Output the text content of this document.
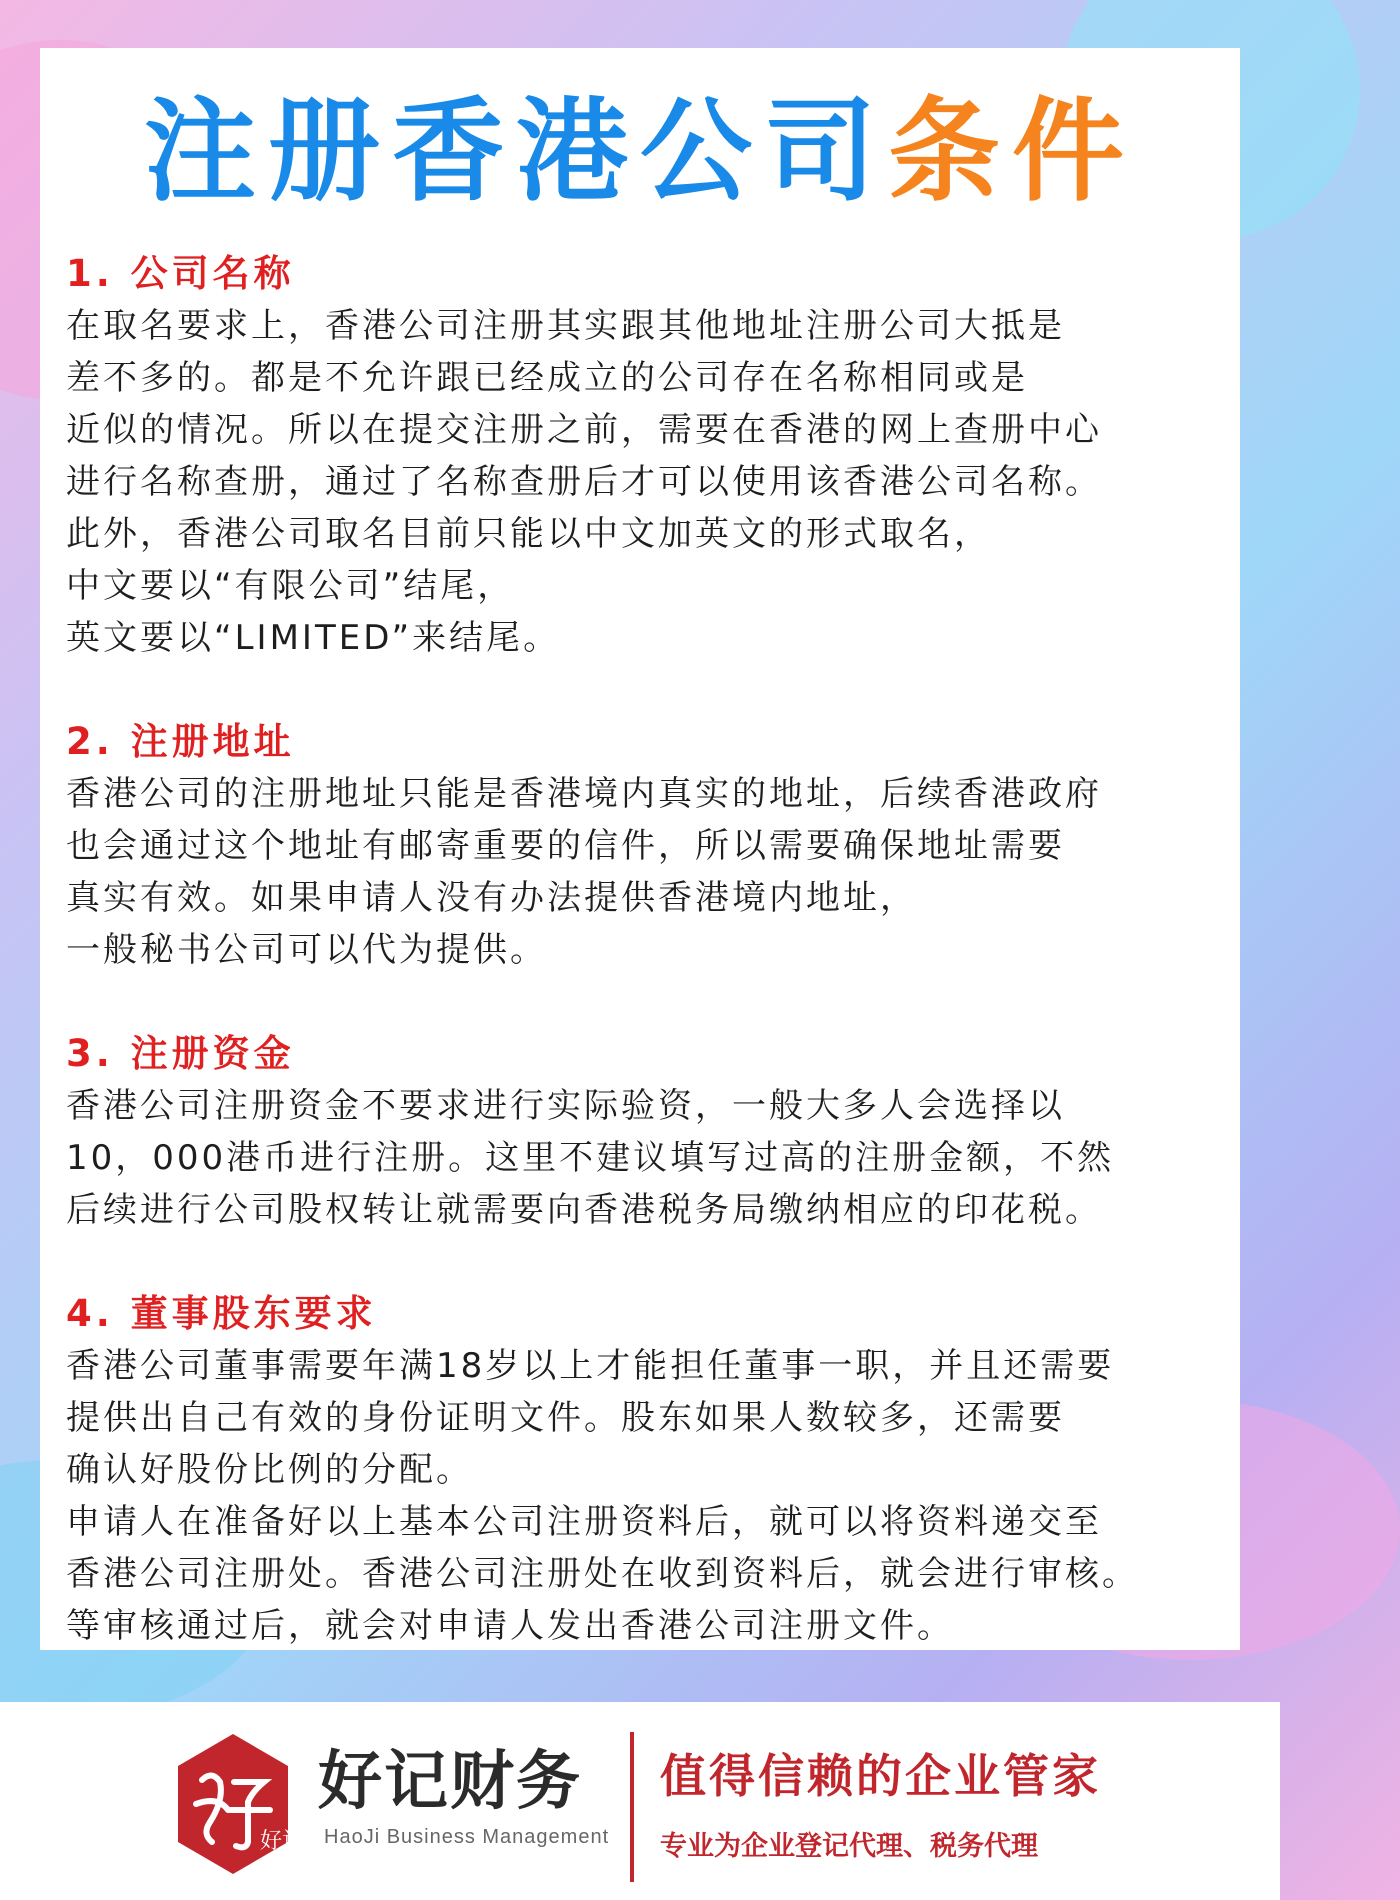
注册香港公司条件

1. 公司名称

在取名要求上，香港公司注册其实跟其他地址注册公司大抵是

差不多的。都是不允许跟已经成立的公司存在名称相同或是

近似的情况。所以在提交注册之前，需要在香港的网上查册中心

进行名称查册，通过了名称查册后才可以使用该香港公司名称。

此外，香港公司取名目前只能以中文加英文的形式取名，

中文要以“有限公司”结尾，

英文要以“LIMITED”来结尾。

2. 注册地址

香港公司的注册地址只能是香港境内真实的地址，后续香港政府

也会通过这个地址有邮寄重要的信件，所以需要确保地址需要

真实有效。如果申请人没有办法提供香港境内地址，

一般秘书公司可以代为提供。

3. 注册资金

香港公司注册资金不要求进行实际验资，一般大多人会选择以

10，000港币进行注册。这里不建议填写过高的注册金额，不然

后续进行公司股权转让就需要向香港税务局缴纳相应的印花税。

4. 董事股东要求

香港公司董事需要年满18岁以上才能担任董事一职，并且还需要

提供出自己有效的身份证明文件。股东如果人数较多，还需要

确认好股份比例的分配。

申请人在准备好以上基本公司注册资料后，就可以将资料递交至

香港公司注册处。香港公司注册处在收到资料后，就会进行审核。

等审核通过后，就会对申请人发出香港公司注册文件。

好记
好记财务
HaoJi Business Management
值得信赖的企业管家
专业为企业登记代理、税务代理
